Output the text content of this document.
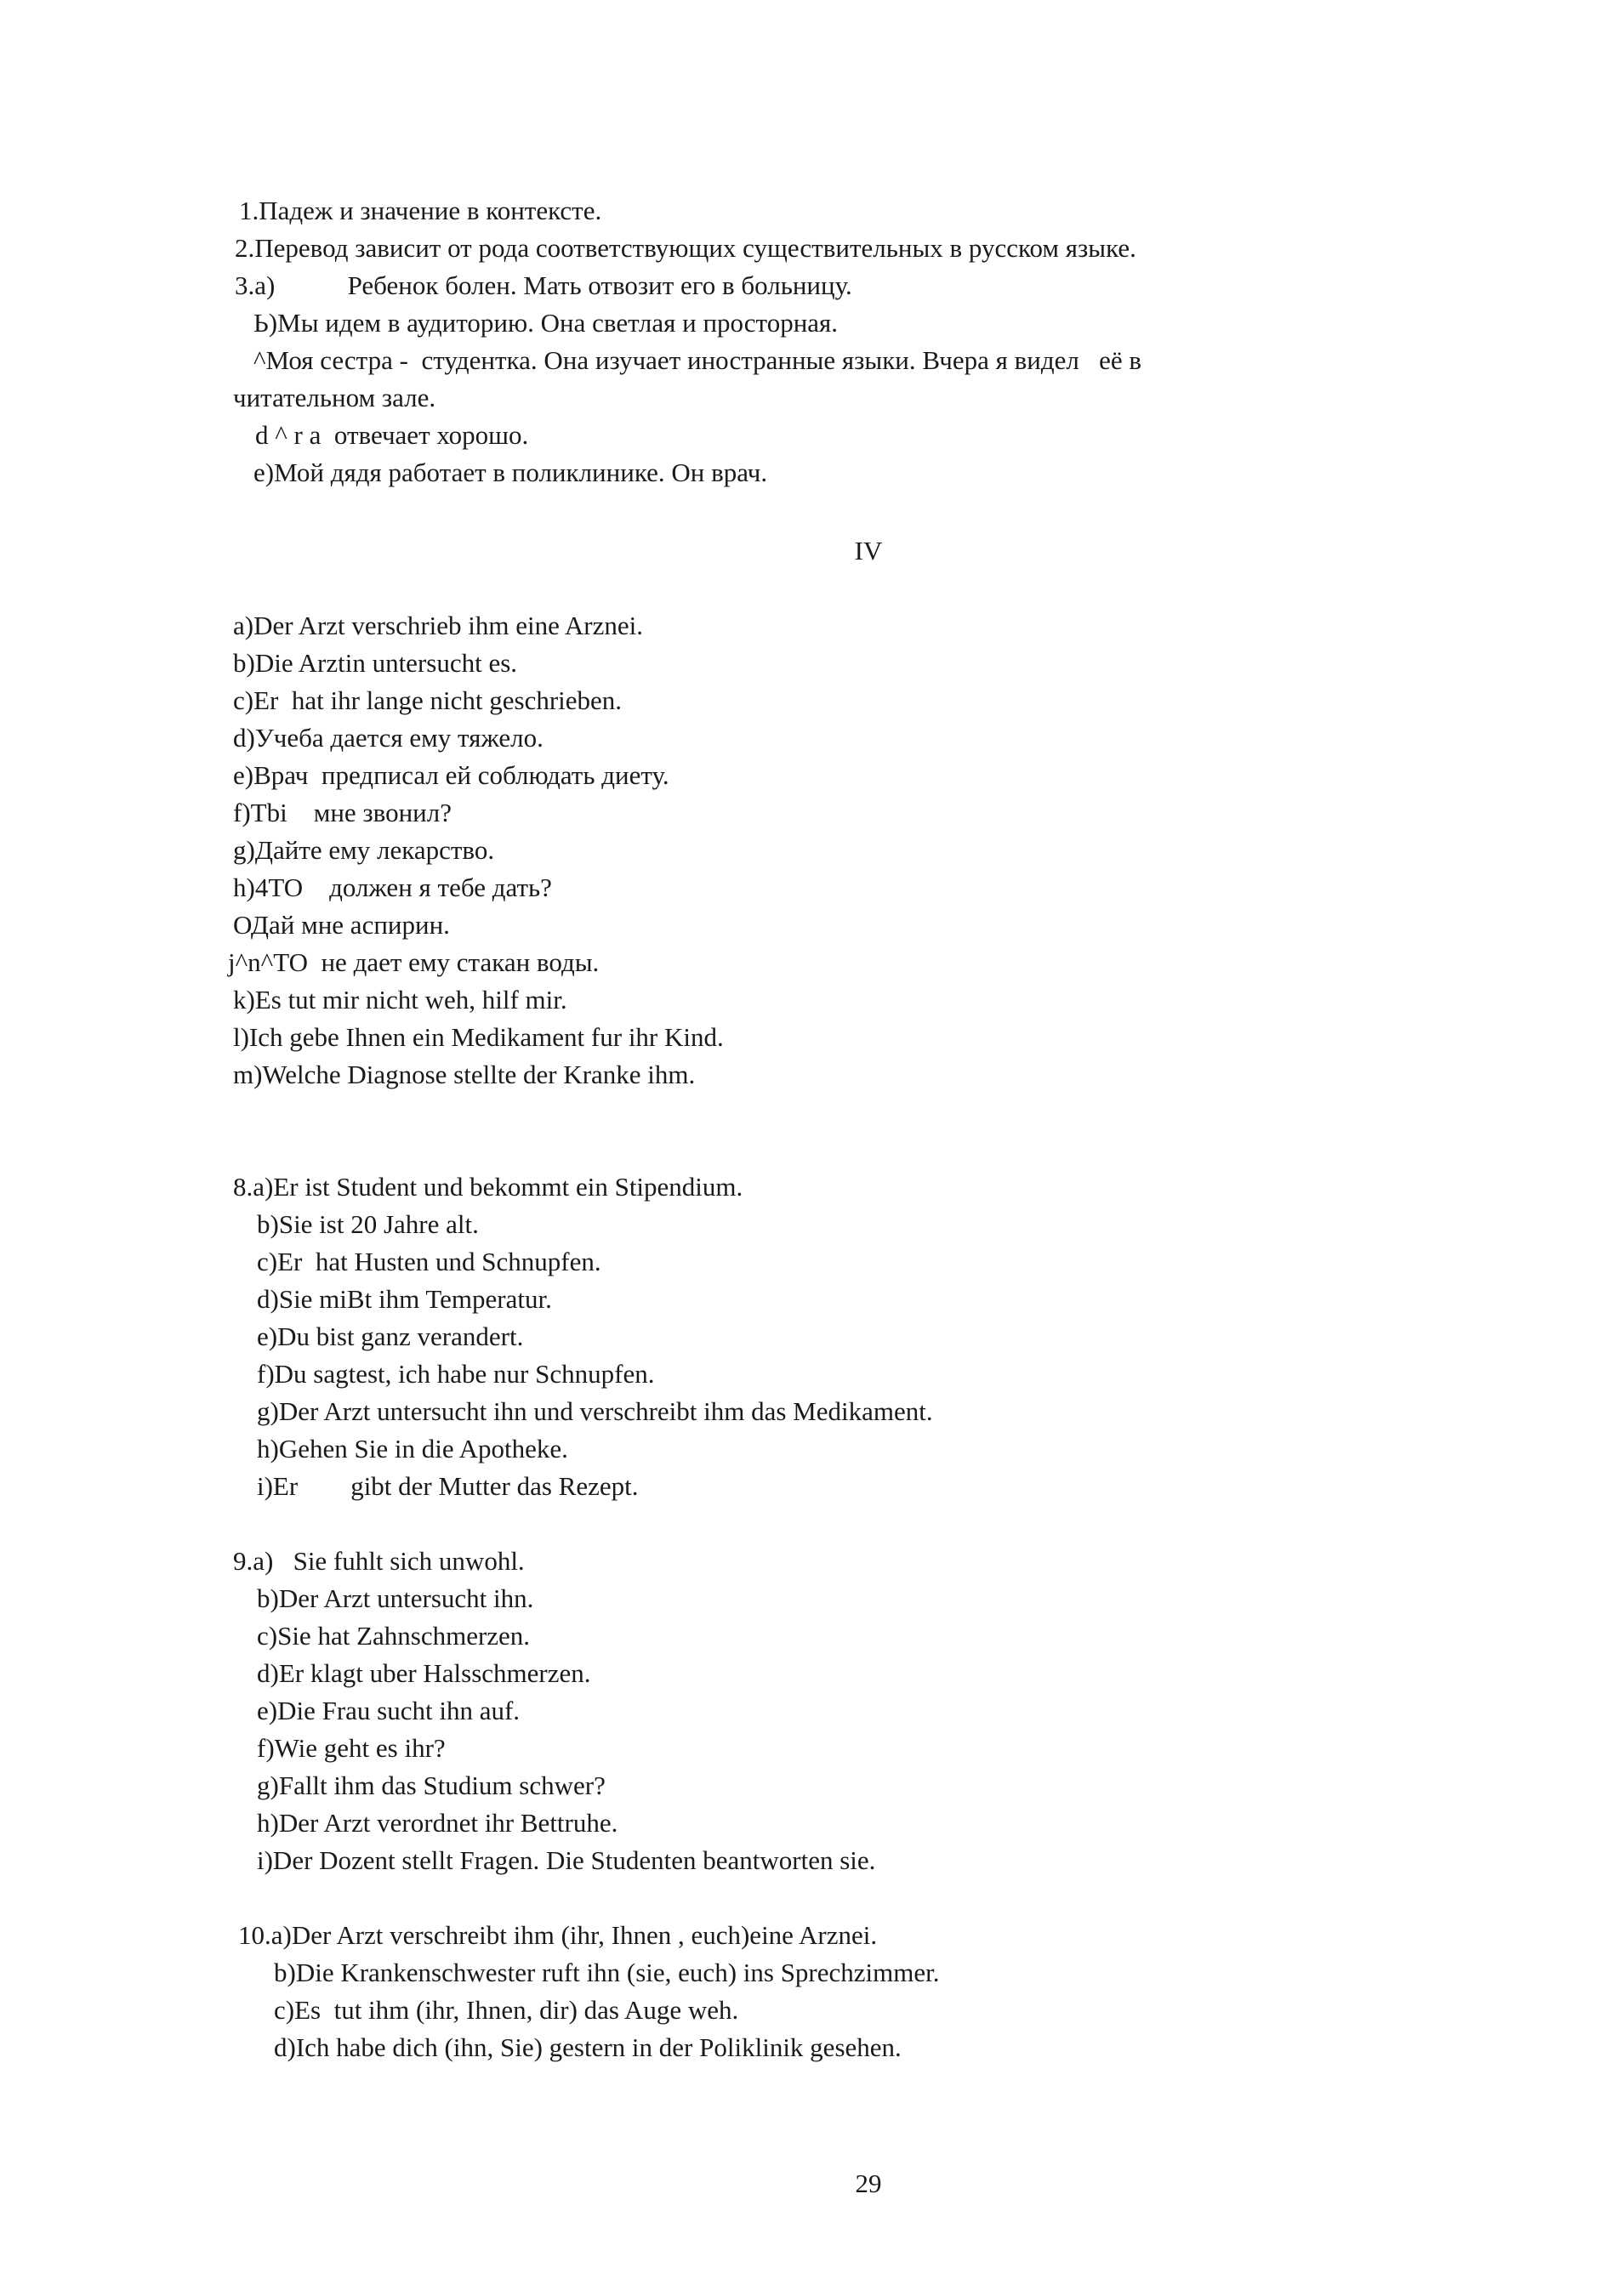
1.Падеж и значение в контексте.
2.Перевод зависит от рода соответствующих существительных в русском языке.
3.а)           Ребенок болен. Мать отвозит его в больницу.
Ь)Мы идем в аудиторию. Она светлая и просторная.
^Моя сестра -  студентка. Она изучает иностранные языки. Вчера я видел   её в
читательном зале.
d ^ r a  отвечает хорошо.
е)Мой дядя работает в поликлинике. Он врач.
IV
a)Der Arzt verschrieb ihm eine Arznei.
b)Die Arztin untersucht es.
c)Er  hat ihr lange nicht geschrieben.
d)Учеба дается ему тяжело.
е)Врач  предписал ей соблюдать диету.
f)Tbi    мне звонил?
g)Дайте ему лекарство.
h)4TO    должен я тебе дать?
ОДай мне аспирин.
j^n^TO  не дает ему стакан воды.
k)Es tut mir nicht weh, hilf mir.
l)Ich gebe Ihnen ein Medikament fur ihr Kind.
m)Welche Diagnose stellte der Kranke ihm.
8.a)Er ist Student und bekommt ein Stipendium.
b)Sie ist 20 Jahre alt.
c)Er  hat Husten und Schnupfen.
d)Sie miBt ihm Temperatur.
e)Du bist ganz verandert.
f)Du sagtest, ich habe nur Schnupfen.
g)Der Arzt untersucht ihn und verschreibt ihm das Medikament.
h)Gehen Sie in die Apotheke.
i)Er        gibt der Mutter das Rezept.
9.a)   Sie fuhlt sich unwohl.
b)Der Arzt untersucht ihn.
c)Sie hat Zahnschmerzen.
d)Er klagt uber Halsschmerzen.
e)Die Frau sucht ihn auf.
f)Wie geht es ihr?
g)Fallt ihm das Studium schwer?
h)Der Arzt verordnet ihr Bettruhe.
i)Der Dozent stellt Fragen. Die Studenten beantworten sie.
10.a)Der Arzt verschreibt ihm (ihr, Ihnen , euch)eine Arznei.
b)Die Krankenschwester ruft ihn (sie, euch) ins Sprechzimmer.
c)Es  tut ihm (ihr, Ihnen, dir) das Auge weh.
d)Ich habe dich (ihn, Sie) gestern in der Poliklinik gesehen.
29
